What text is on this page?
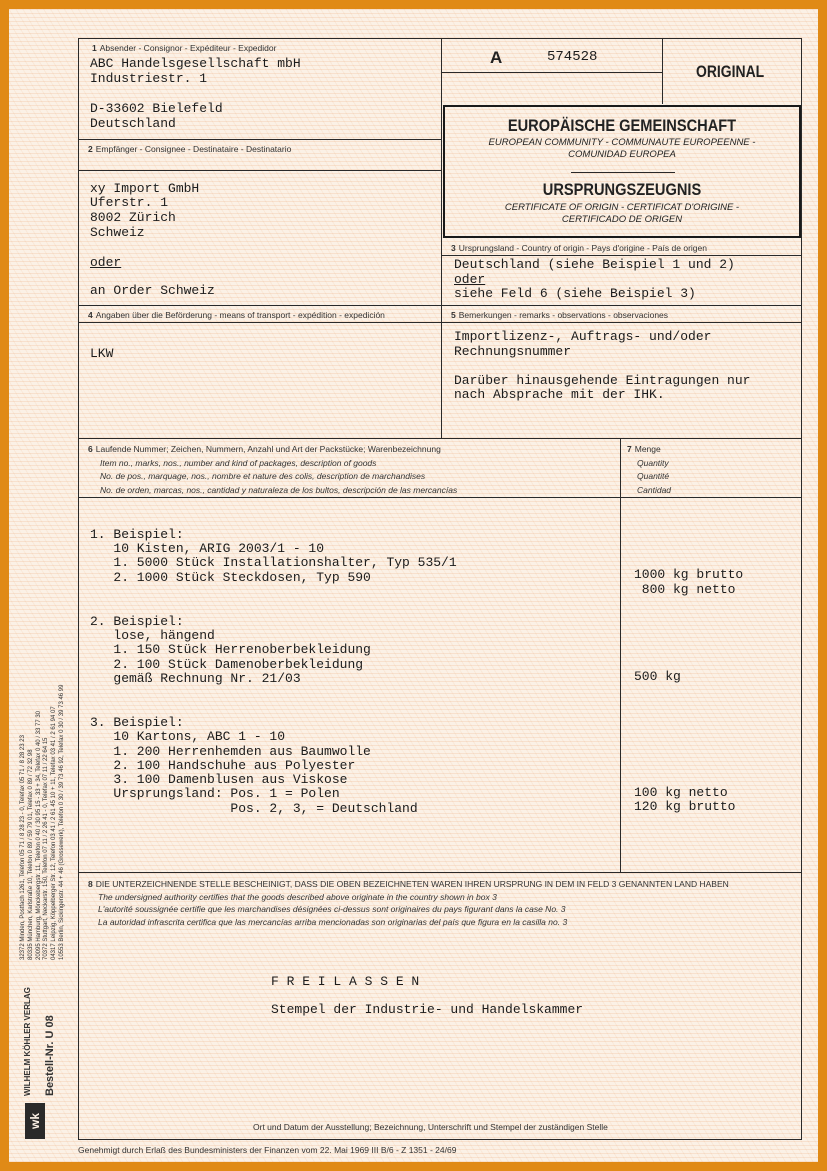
1 Absender - Consignor - Expéditeur - Expedidor
ABC Handelsgesellschaft mbH
Industriestr. 1
D-33602 Bielefeld
Deutschland
A	574528
ORIGINAL
EUROPÄISCHE GEMEINSCHAFT
EUROPEAN COMMUNITY - COMMUNAUTE EUROPEENNE -
COMUNIDAD EUROPEA
URSPRUNGSZEUGNIS
CERTIFICATE OF ORIGIN - CERTIFICAT D'ORIGINE -
CERTIFICADO DE ORIGEN
2 Empfänger - Consignee - Destinataire - Destinatario
xy Import GmbH
Uferstr. 1
8002 Zürich
Schweiz
oder
an Order Schweiz
3 Ursprungsland - Country of origin - Pays d'origine - País de origen
Deutschland (siehe Beispiel 1 und 2)
oder
siehe Feld 6 (siehe Beispiel 3)
4 Angaben über die Beförderung - means of transport - expédition - expedición
LKW
5 Bemerkungen - remarks - observations - observaciones
Importlizenz-, Auftrags- und/oder
Rechnungsnummer
Darüber hinausgehende Eintragungen nur
nach Absprache mit der IHK.
6 Laufende Nummer; Zeichen, Nummern, Anzahl und Art der Packstücke; Warenbezeichnung
Item no., marks, nos., number and kind of packages, description of goods
No. de pos., marquage, nos., nombre et nature des colis, description de marchandises
No. de orden, marcas, nos., cantidad y naturaleza de los bultos, descripción de las mercancías
7 Menge
Quantity
Quantité
Cantidad
1. Beispiel:
10 Kisten, ARIG 2003/1 - 10
1. 5000 Stück Installationshalter, Typ 535/1
2. 1000 Stück Steckdosen, Typ 590
2. Beispiel:
lose, hängend
1. 150 Stück Herrenoberbekleidung
2. 100 Stück Damenoberbekleidung
gemäß Rechnung Nr. 21/03
3. Beispiel:
10 Kartons, ABC 1 - 10
1. 200 Herrenhemden aus Baumwolle
2. 100 Handschuhe aus Polyester
3. 100 Damenblusen aus Viskose
Ursprungsland: Pos. 1 = Polen
Pos. 2, 3, = Deutschland
1000 kg brutto
800 kg netto
500 kg
100 kg netto
120 kg brutto
8 DIE UNTERZEICHNENDE STELLE BESCHEINIGT, DASS DIE OBEN BEZEICHNETEN WAREN IHREN URSPRUNG IN DEM IN FELD 3 GENANNTEN LAND HABEN
The undersigned authority certifies that the goods described above originate in the country shown in box 3
L'autorité soussignée certifie que les marchandises désignées ci-dessus sont originaires du pays figurant dans la case No. 3
La autoridad infrascrita certifica que las mercancías arriba mencionadas son originarias del país que figura en la casilla no. 3
F R E I L A S S E N
Stempel der Industrie- und Handelskammer
Ort und Datum der Ausstellung; Bezeichnung, Unterschrift und Stempel der zuständigen Stelle
Genehmigt durch Erlaß des Bundesministers der Finanzen vom 22. Mai 1969 III B/6 - Z 1351 - 24/69
wk
WILHELM KÖHLER VERLAG Bestell-Nr. U 08
32372 Minden, Postfach 1261, Telefon 05 71 / 8 28 23 - 0, Telefax 05 71 / 8 28 23 23 80335 München, Karlstraße 10, Telefon 0 89 / 59 79 01, Telefax 0 89 / 72 32 98 20095 Hamburg, Mönckebergstr. 11, Telefon 0 40 / 30 95 15 - 33 + 34, Telefax 0 40 / 33 77 30 70372 Stuttgart, Neckarstr. 150, Telefon 07 11 / 2 26 41 - 0, Telefax 07 11 / 22 64 15 04317 Leipzig, Köppelberger Str. 12, Telefon 03 41 / 2 61 45 10 + 11, Telefax 03 41 / 2 61 94 07 10553 Berlin, Sickingenstr. 44 + 46 (Grossewerk), Telefon 0 30 / 39 73 46 92, Telefax 0 30 / 39 73 46 99
